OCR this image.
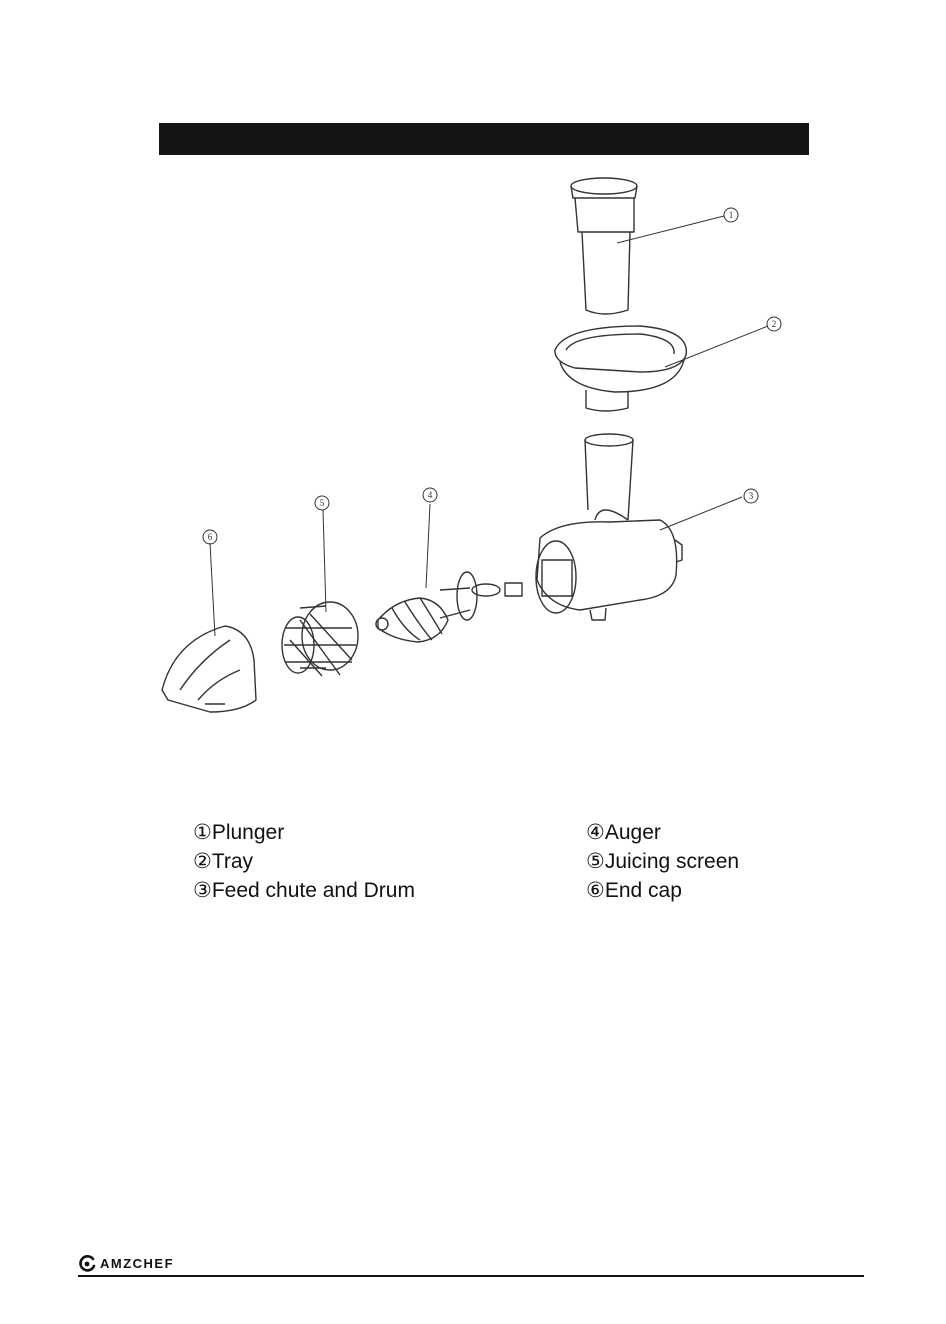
1
2
3
4
5
6
①Plunger
②Tray
③Feed chute and Drum
④Auger
⑤Juicing screen
⑥End cap
AMZCHEF
